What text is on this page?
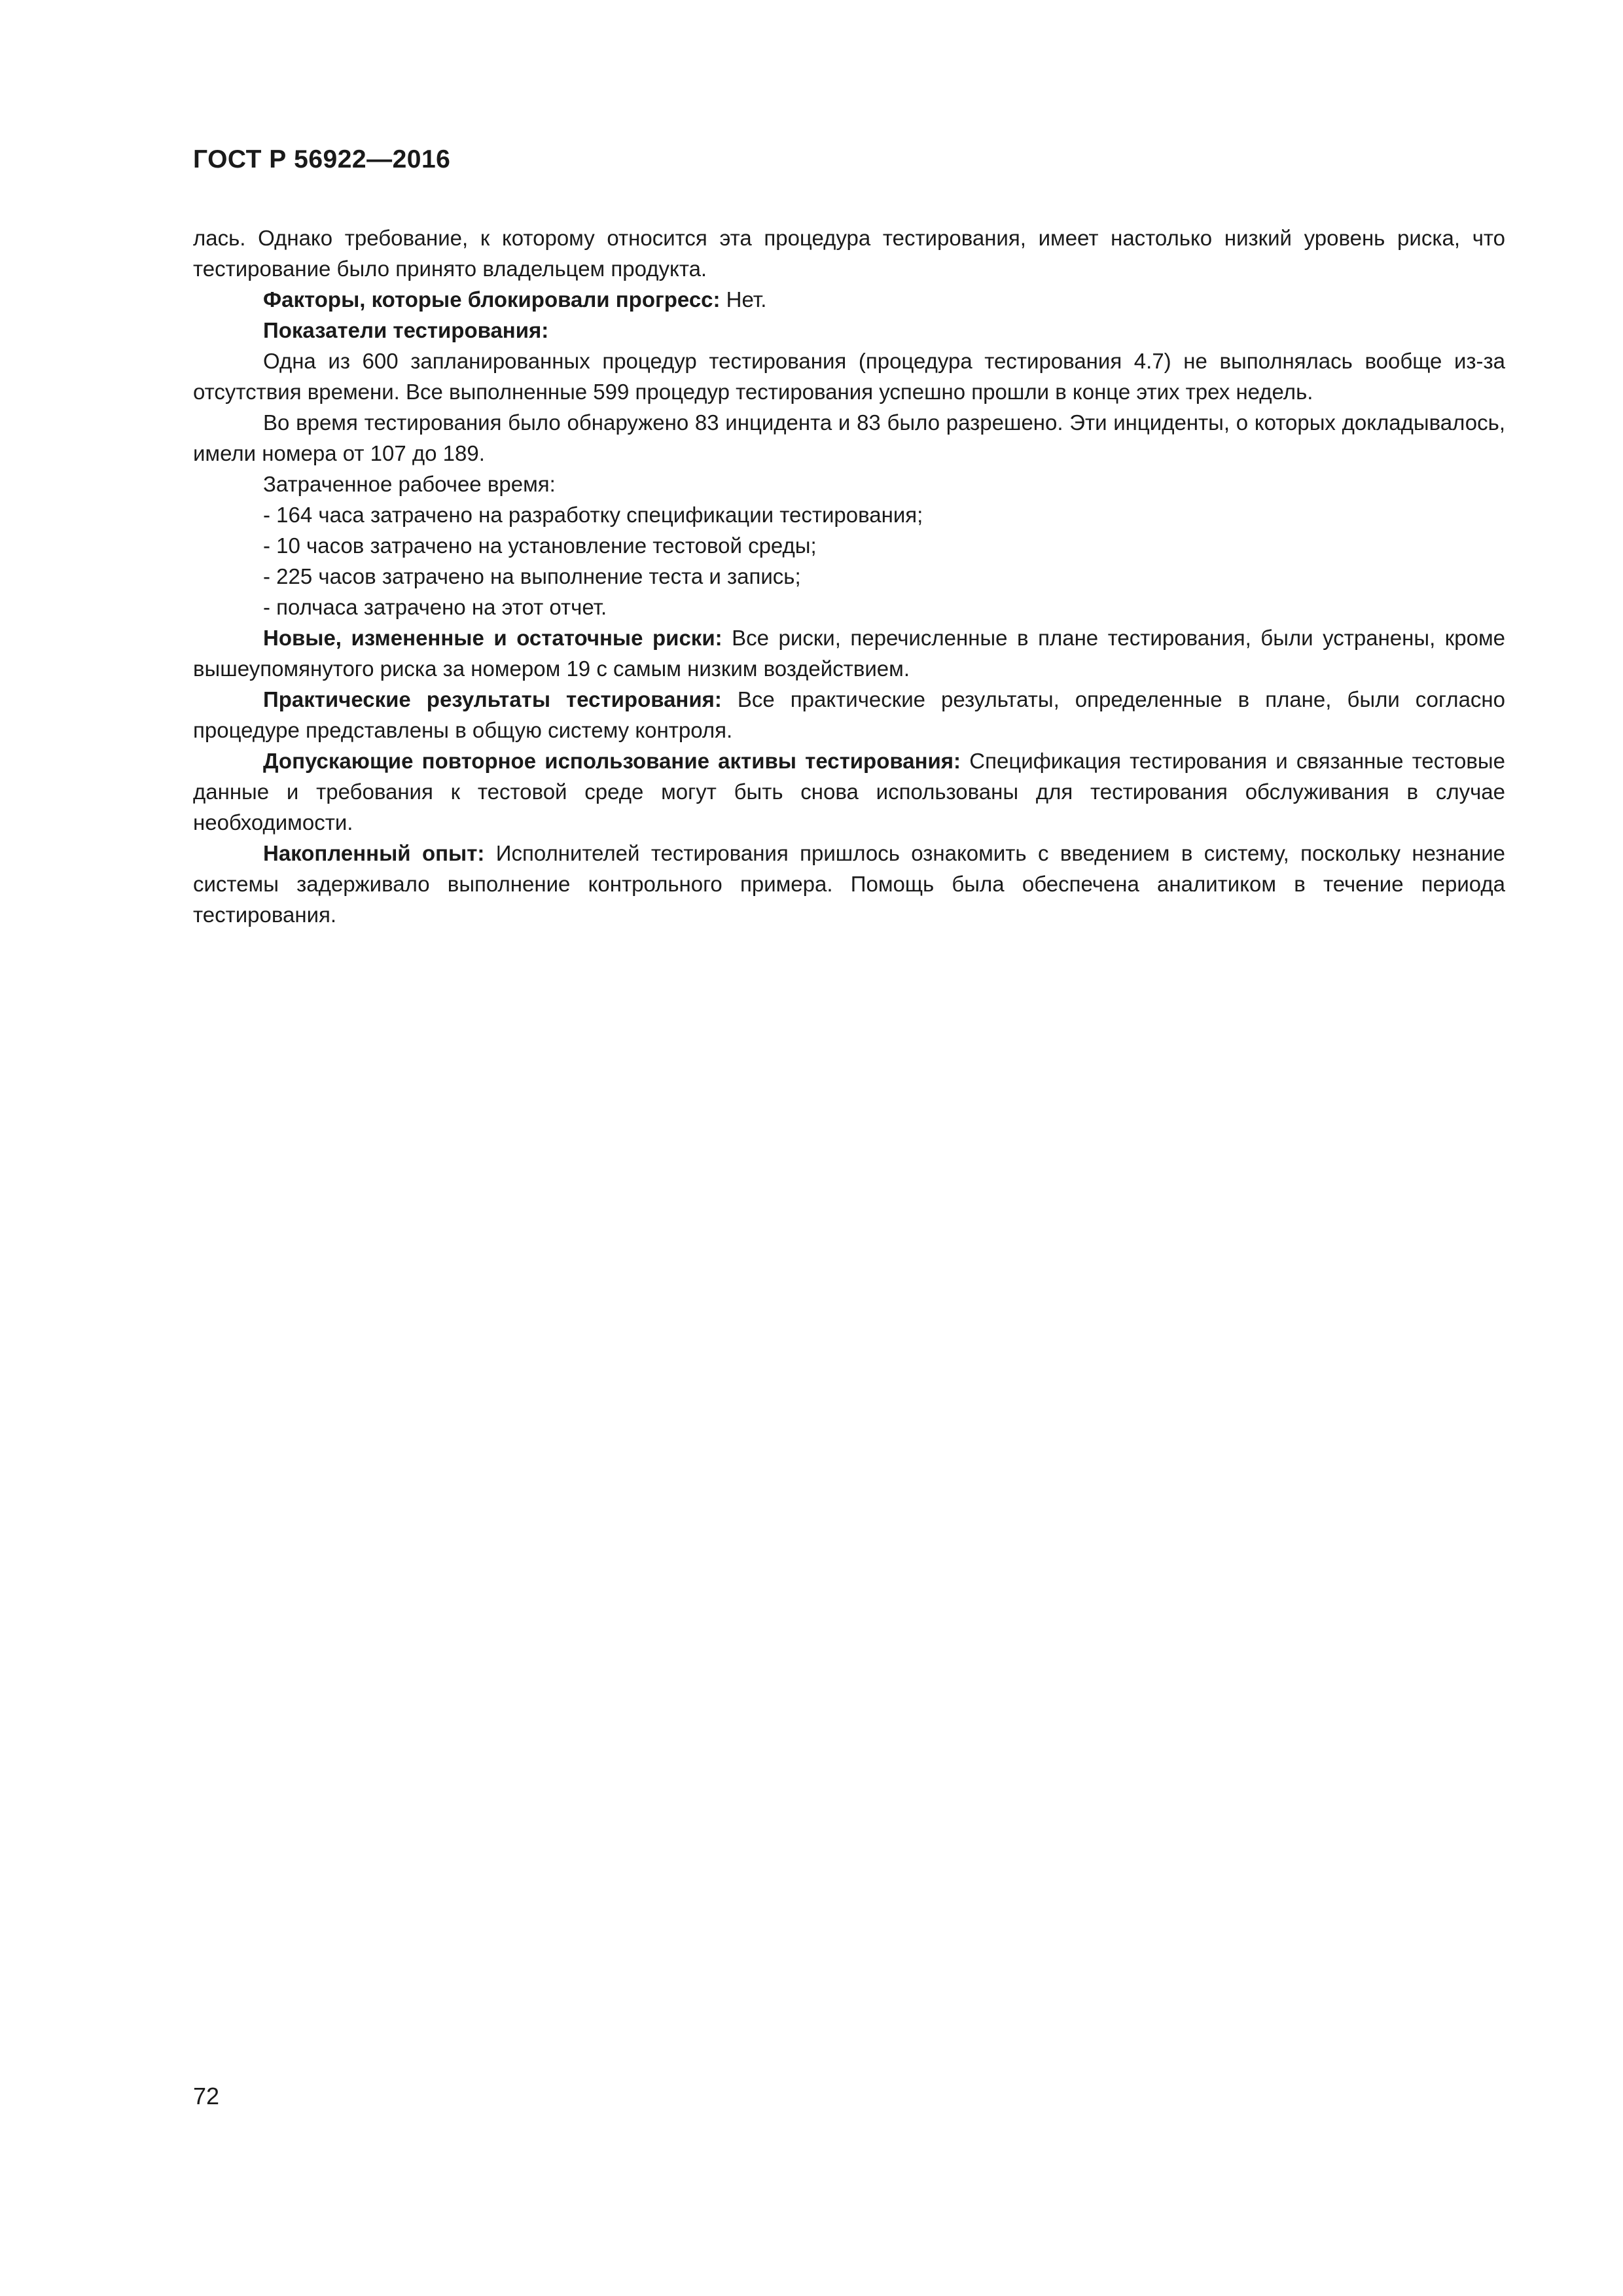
ГОСТ Р 56922—2016

лась. Однако требование, к которому относится эта процедура тестирования, имеет настолько низкий уровень риска, что тестирование было принято владельцем продукта.

Факторы, которые блокировали прогресс: Нет.

Показатели тестирования:

Одна из 600 запланированных процедур тестирования (процедура тестирования 4.7) не выполнялась вообще из-за отсутствия времени. Все выполненные 599 процедур тестирования успешно прошли в конце этих трех недель.

Во время тестирования было обнаружено 83 инцидента и 83 было разрешено. Эти инциденты, о которых докладывалось, имели номера от 107 до 189.

Затраченное рабочее время:

- 164 часа затрачено на разработку спецификации тестирования;

- 10 часов затрачено на установление тестовой среды;

- 225 часов затрачено на выполнение теста и запись;

- полчаса затрачено на этот отчет.

Новые, измененные и остаточные риски: Все риски, перечисленные в плане тестирования, были устранены, кроме вышеупомянутого риска за номером 19 с самым низким воздействием.

Практические результаты тестирования: Все практические результаты, определенные в плане, были согласно процедуре представлены в общую систему контроля.

Допускающие повторное использование активы тестирования: Спецификация тестирования и связанные тестовые данные и требования к тестовой среде могут быть снова использованы для тестирования обслуживания в случае необходимости.

Накопленный опыт: Исполнителей тестирования пришлось ознакомить с введением в систему, поскольку незнание системы задерживало выполнение контрольного примера. Помощь была обеспечена аналитиком в течение периода тестирования.

72
